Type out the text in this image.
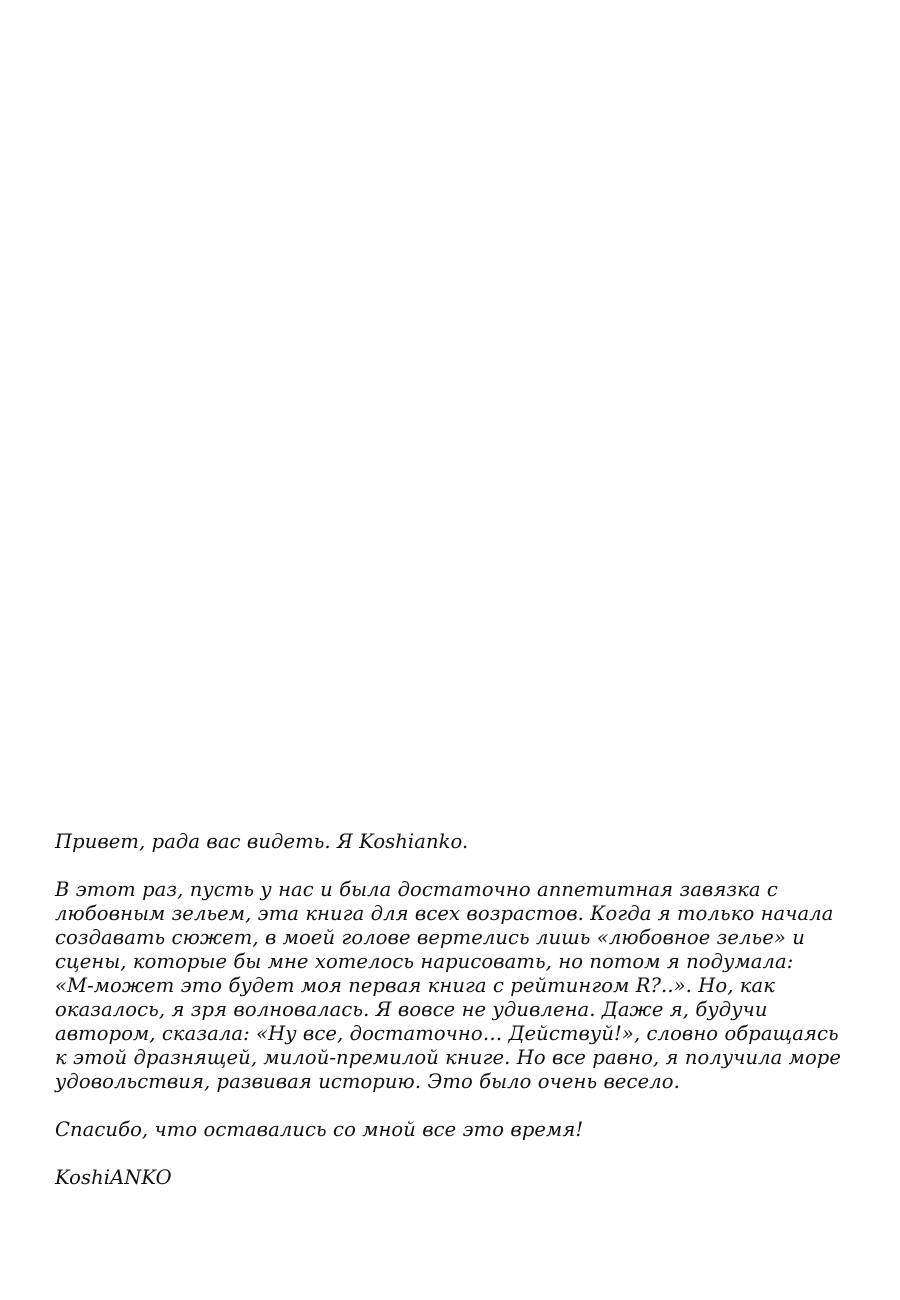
Привет, рада вас видеть. Я Koshianko.

В этот раз, пусть у нас и была достаточно аппетитная завязка с
любовным зельем, эта книга для всех возрастов. Когда я только начала
создавать сюжет, в моей голове вертелись лишь «любовное зелье» и
сцены, которые бы мне хотелось нарисовать, но потом я подумала:
«М-может это будет моя первая книга с рейтингом R?..». Но, как
оказалось, я зря волновалась. Я вовсе не удивлена. Даже я, будучи
автором, сказала: «Ну все, достаточно… Действуй!», словно обращаясь
к этой дразнящей, милой-премилой книге. Но все равно, я получила море
удовольствия, развивая историю. Это было очень весело.

Спасибо, что оставались со мной все это время!

KoshiANKO
